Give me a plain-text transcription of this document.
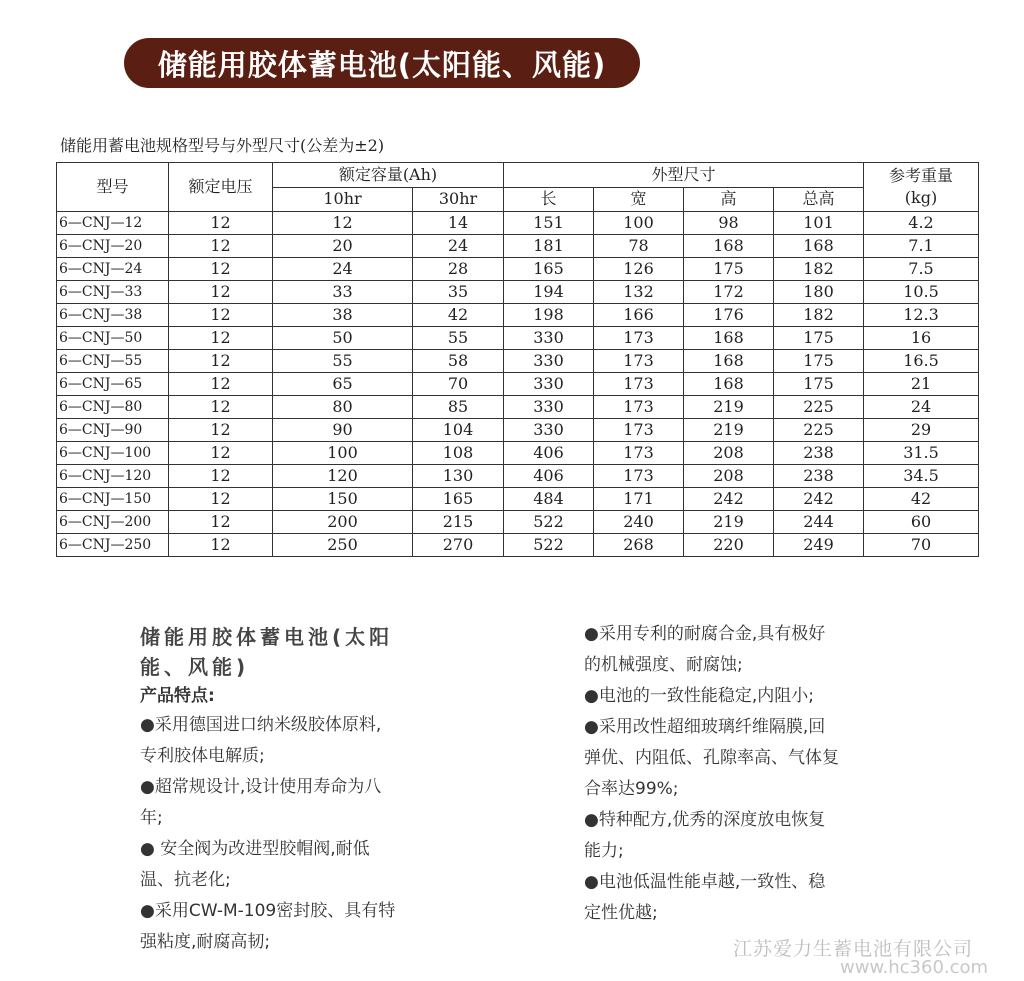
储能用胶体蓄电池(太阳能、风能)
储能用蓄电池规格型号与外型尺寸(公差为±2)
型号	额定电压	额定容量(Ah)		外型尺寸				参考重量
(kg)

		10hr	30hr	长	宽	高	总高	
6—CNJ—12	12	12	14	151	100	98	101	4.2
6—CNJ—20	12	20	24	181	78	168	168	7.1
6—CNJ—24	12	24	28	165	126	175	182	7.5
6—CNJ—33	12	33	35	194	132	172	180	10.5
6—CNJ—38	12	38	42	198	166	176	182	12.3
6—CNJ—50	12	50	55	330	173	168	175	16
6—CNJ—55	12	55	58	330	173	168	175	16.5
6—CNJ—65	12	65	70	330	173	168	175	21
6—CNJ—80	12	80	85	330	173	219	225	24
6—CNJ—90	12	90	104	330	173	219	225	29
6—CNJ—100	12	100	108	406	173	208	238	31.5
6—CNJ—120	12	120	130	406	173	208	238	34.5
6—CNJ—150	12	150	165	484	171	242	242	42
6—CNJ—200	12	200	215	522	240	219	244	60
6—CNJ—250	12	250	270	522	268	220	249	70
储能用胶体蓄电池(太阳
能、风能)
产品特点:
●采用德国进口纳米级胶体原料,
专利胶体电解质;
●超常规设计,设计使用寿命为八
年;
● 安全阀为改进型胶帽阀,耐低
温、抗老化;
●采用CW-M-109密封胶、具有特
强粘度,耐腐高韧;
●采用专利的耐腐合金,具有极好
的机械强度、耐腐蚀;
●电池的一致性能稳定,内阻小;
●采用改性超细玻璃纤维隔膜,回
弹优、内阻低、孔隙率高、气体复
合率达99%;
●特种配方,优秀的深度放电恢复
能力;
●电池低温性能卓越,一致性、稳
定性优越;
江苏爱力生蓄电池有限公司
www.hc360.com
